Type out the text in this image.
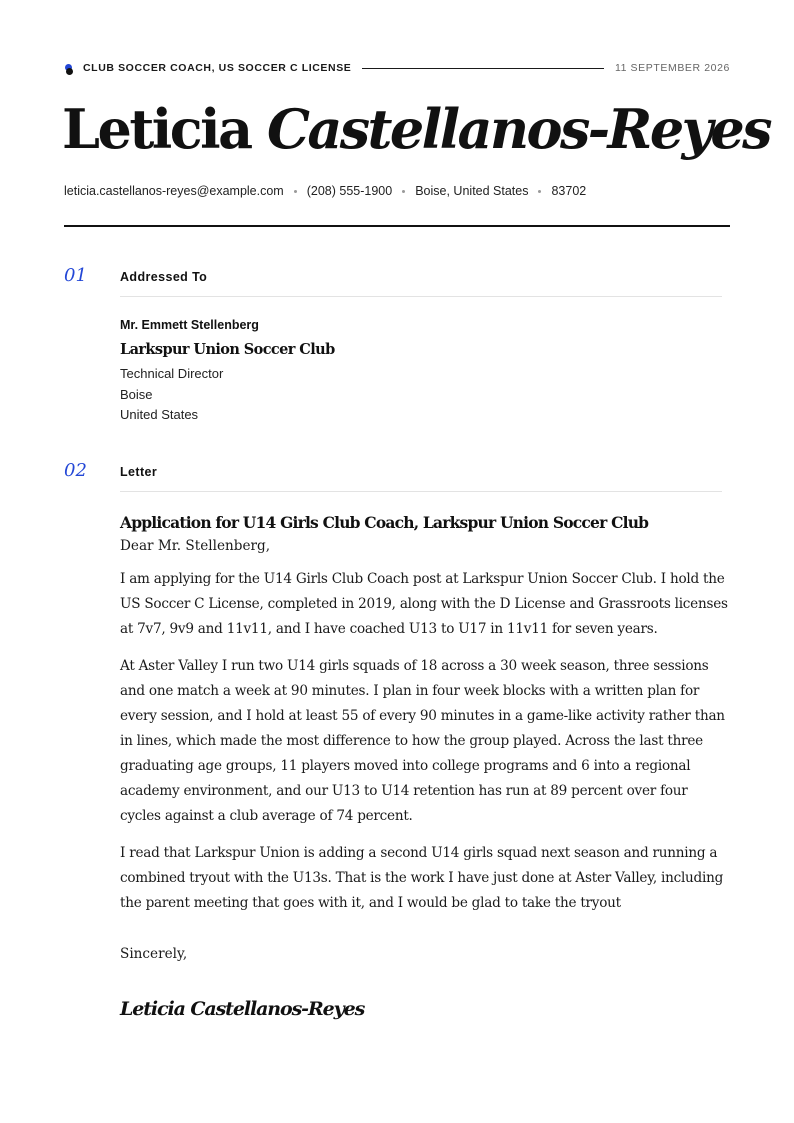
CLUB SOCCER COACH, US SOCCER C LICENSE	11 SEPTEMBER 2026
Leticia Castellanos-Reyes
leticia.castellanos-reyes@example.com (208) 555-1900 Boise, United States 83702
01	Addressed To
Mr. Emmett Stellenberg
Larkspur Union Soccer Club
Technical Director
Boise
United States
02	Letter
Application for U14 Girls Club Coach, Larkspur Union Soccer Club
Dear Mr. Stellenberg,

I am applying for the U14 Girls Club Coach post at Larkspur Union Soccer Club. I hold the US Soccer C License, completed in 2019, along with the D License and Grassroots licenses at 7v7, 9v9 and 11v11, and I have coached U13 to U17 in 11v11 for seven years.

At Aster Valley I run two U14 girls squads of 18 across a 30 week season, three sessions and one match a week at 90 minutes. I plan in four week blocks with a written plan for every session, and I hold at least 55 of every 90 minutes in a game-like activity rather than in lines, which made the most difference to how the group played. Across the last three graduating age groups, 11 players moved into college programs and 6 into a regional academy environment, and our U13 to U14 retention has run at 89 percent over four cycles against a club average of 74 percent.

I read that Larkspur Union is adding a second U14 girls squad next season and running a combined tryout with the U13s. That is the work I have just done at Aster Valley, including the parent meeting that goes with it, and I would be glad to take the tryout

Sincerely,
Leticia Castellanos-Reyes
